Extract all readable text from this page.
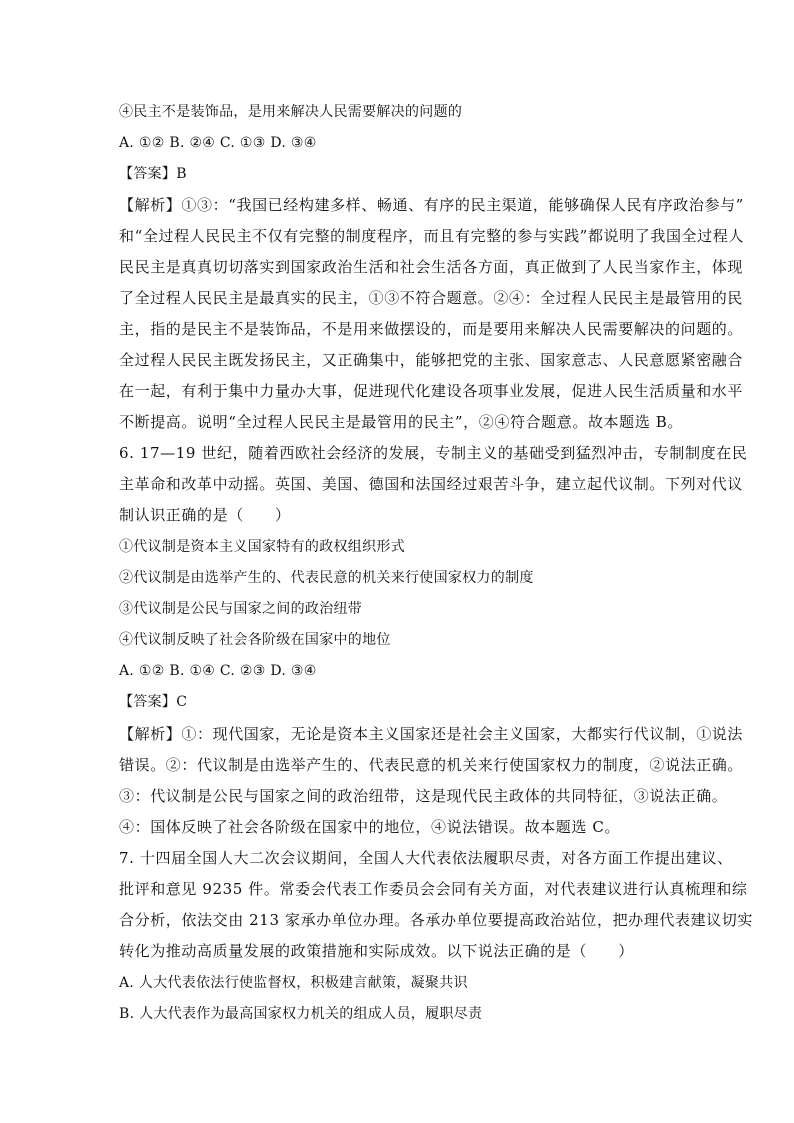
④民主不是装饰品，是用来解决人民需要解决的问题的
A. ①② B. ②④ C. ①③ D. ③④
【答案】B
【解析】①③：“我国已经构建多样、畅通、有序的民主渠道，能够确保人民有序政治参与”
和“全过程人民民主不仅有完整的制度程序，而且有完整的参与实践”都说明了我国全过程人
民民主是真真切切落实到国家政治生活和社会生活各方面，真正做到了人民当家作主，体现
了全过程人民民主是最真实的民主，①③不符合题意。②④：全过程人民民主是最管用的民
主，指的是民主不是装饰品，不是用来做摆设的，而是要用来解决人民需要解决的问题的。
全过程人民民主既发扬民主，又正确集中，能够把党的主张、国家意志、人民意愿紧密融合
在一起，有利于集中力量办大事，促进现代化建设各项事业发展，促进人民生活质量和水平
不断提高。说明“全过程人民民主是最管用的民主”，②④符合题意。故本题选 B。
6. 17—19 世纪，随着西欧社会经济的发展，专制主义的基础受到猛烈冲击，专制制度在民
主革命和改革中动摇。英国、美国、德国和法国经过艰苦斗争，建立起代议制。下列对代议
制认识正确的是（　　）
①代议制是资本主义国家特有的政权组织形式
②代议制是由选举产生的、代表民意的机关来行使国家权力的制度
③代议制是公民与国家之间的政治纽带
④代议制反映了社会各阶级在国家中的地位
A. ①② B. ①④ C. ②③ D. ③④
【答案】C
【解析】①：现代国家，无论是资本主义国家还是社会主义国家，大都实行代议制，①说法
错误。②：代议制是由选举产生的、代表民意的机关来行使国家权力的制度，②说法正确。
③：代议制是公民与国家之间的政治纽带，这是现代民主政体的共同特征，③说法正确。
④：国体反映了社会各阶级在国家中的地位，④说法错误。故本题选 C。
7. 十四届全国人大二次会议期间，全国人大代表依法履职尽责，对各方面工作提出建议、
批评和意见 9235 件。常委会代表工作委员会会同有关方面，对代表建议进行认真梳理和综
合分析，依法交由 213 家承办单位办理。各承办单位要提高政治站位，把办理代表建议切实
转化为推动高质量发展的政策措施和实际成效。以下说法正确的是（　　）
A. 人大代表依法行使监督权，积极建言献策，凝聚共识
B. 人大代表作为最高国家权力机关的组成人员，履职尽责
